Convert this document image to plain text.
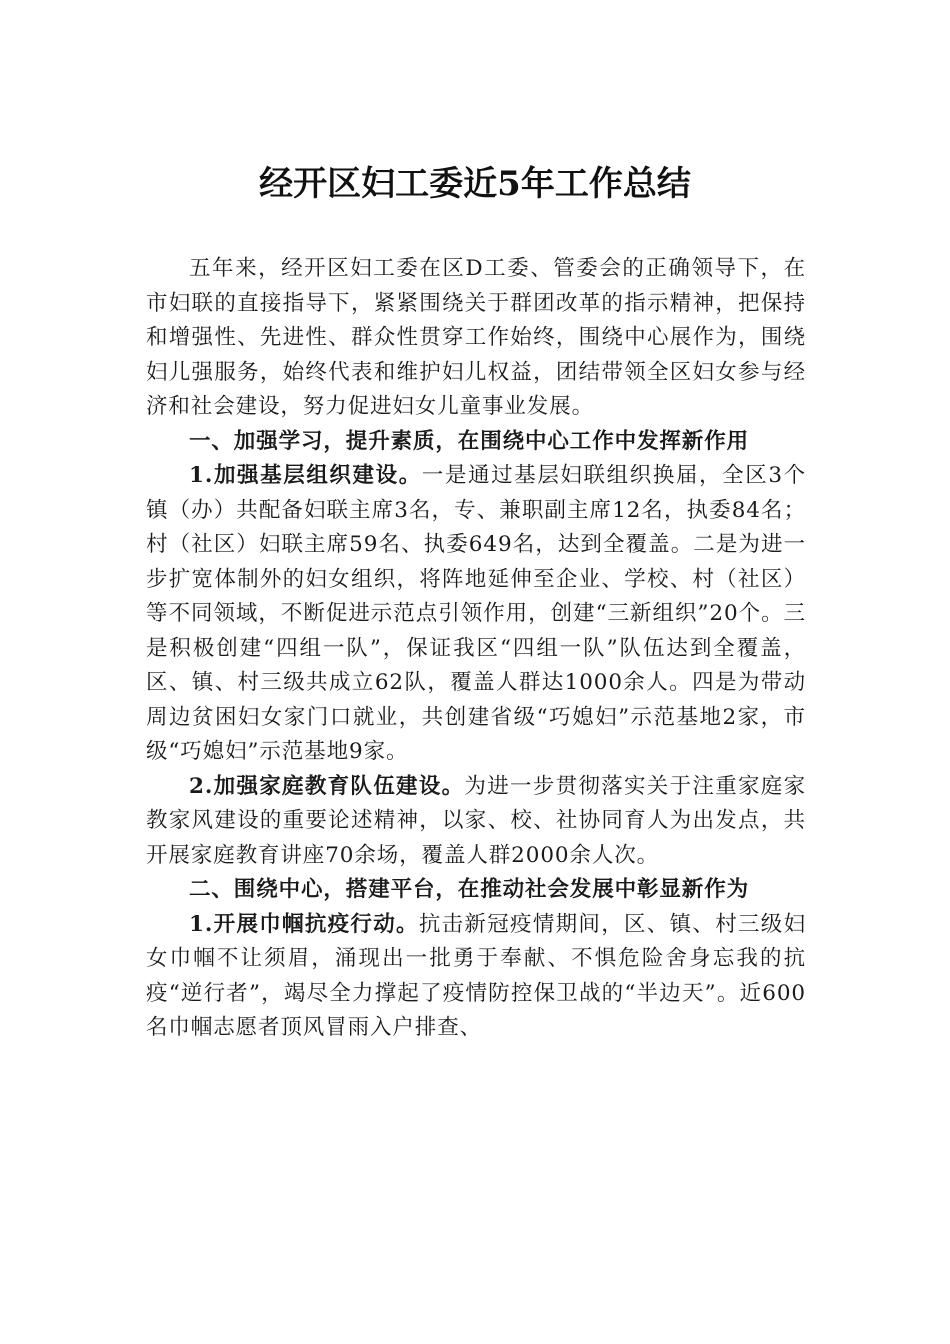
经开区妇工委近5年工作总结

五年来，经开区妇工委在区D工委、管委会的正确领导下，在市妇联的直接指导下，紧紧围绕关于群团改革的指示精神，把保持和增强性、先进性、群众性贯穿工作始终，围绕中心展作为，围绕妇儿强服务，始终代表和维护妇儿权益，团结带领全区妇女参与经济和社会建设，努力促进妇女儿童事业发展。

一、加强学习，提升素质，在围绕中心工作中发挥新作用

1.加强基层组织建设。一是通过基层妇联组织换届，全区3个镇（办）共配备妇联主席3名，专、兼职副主席12名，执委84名；村（社区）妇联主席59名、执委649名，达到全覆盖。二是为进一步扩宽体制外的妇女组织，将阵地延伸至企业、学校、村（社区）等不同领域，不断促进示范点引领作用，创建“三新组织”20个。三是积极创建“四组一队”，保证我区“四组一队”队伍达到全覆盖，区、镇、村三级共成立62队，覆盖人群达1000余人。四是为带动周边贫困妇女家门口就业，共创建省级“巧媳妇”示范基地2家，市级“巧媳妇”示范基地9家。

2.加强家庭教育队伍建设。为进一步贯彻落实关于注重家庭家教家风建设的重要论述精神，以家、校、社协同育人为出发点，共开展家庭教育讲座70余场，覆盖人群2000余人次。

二、围绕中心，搭建平台，在推动社会发展中彰显新作为

1.开展巾帼抗疫行动。抗击新冠疫情期间，区、镇、村三级妇女巾帼不让须眉，涌现出一批勇于奉献、不惧危险舍身忘我的抗疫“逆行者”，竭尽全力撑起了疫情防控保卫战的“半边天”。近600名巾帼志愿者顶风冒雨入户排查、
